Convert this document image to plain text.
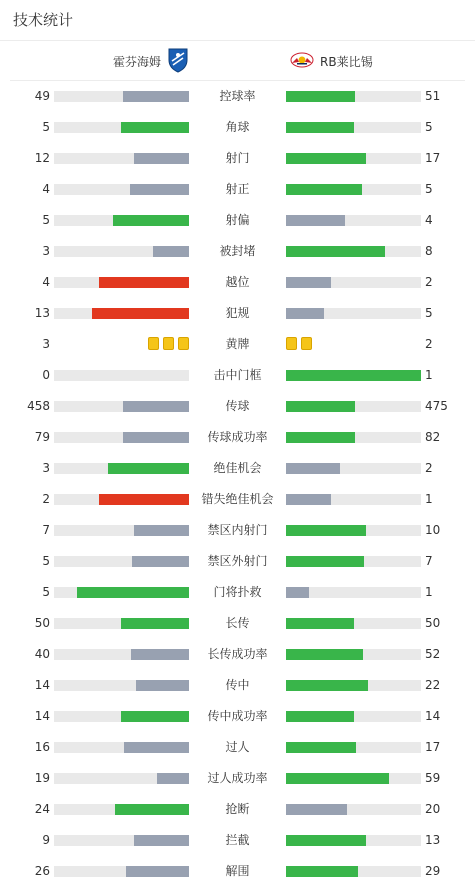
技术统计
霍芬海姆	RB莱比锡
49	控球率	51
5	角球	5
12	射门	17
4	射正	5
5	射偏	4
3	被封堵	8
4	越位	2
13	犯规	5
3	黄牌	2
0	击中门框	1
458	传球	475
79	传球成功率	82
3	绝佳机会	2
2	错失绝佳机会	1
7	禁区内射门	10
5	禁区外射门	7
5	门将扑救	1
50	长传	50
40	长传成功率	52
14	传中	22
14	传中成功率	14
16	过人	17
19	过人成功率	59
24	抢断	20
9	拦截	13
26	解围	29
